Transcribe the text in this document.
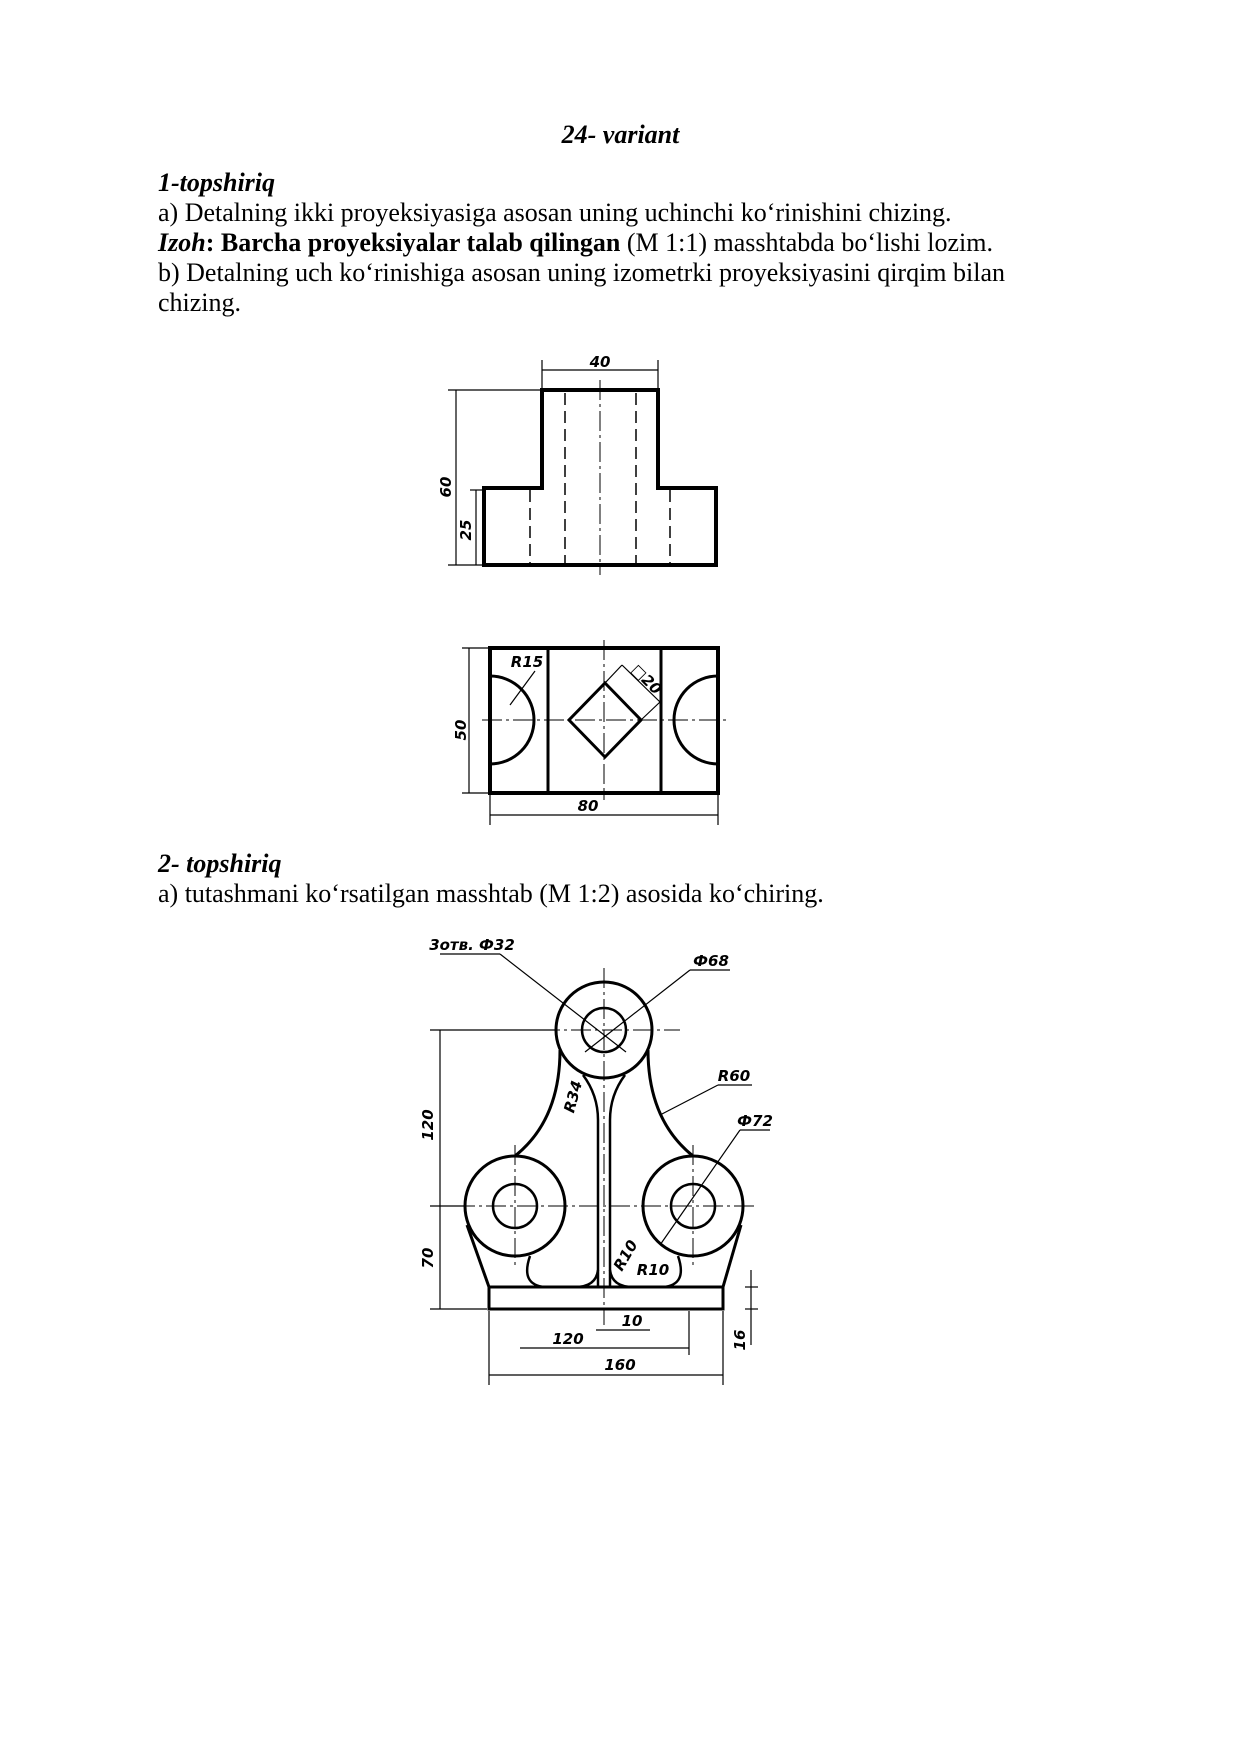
24- variant
1-topshiriq
a) Detalning ikki proyeksiyasiga asosan uning uchinchi ko‘rinishini chizing.
Izoh: Barcha proyeksiyalar talab qilingan (M 1:1) masshtabda bo‘lishi lozim.
b) Detalning uch ko‘rinishiga asosan uning izometrki proyeksiyasini qirqim bilan
chizing.
2- topshiriq
a) tutashmani ko‘rsatilgan masshtab (M 1:2) asosida ko‘chiring.
40
60
25
R15	□20
50
80
3отв. Ф32
Ф68
R60
Ф72
R34
R10
R10
120
70
10
120
160
16
